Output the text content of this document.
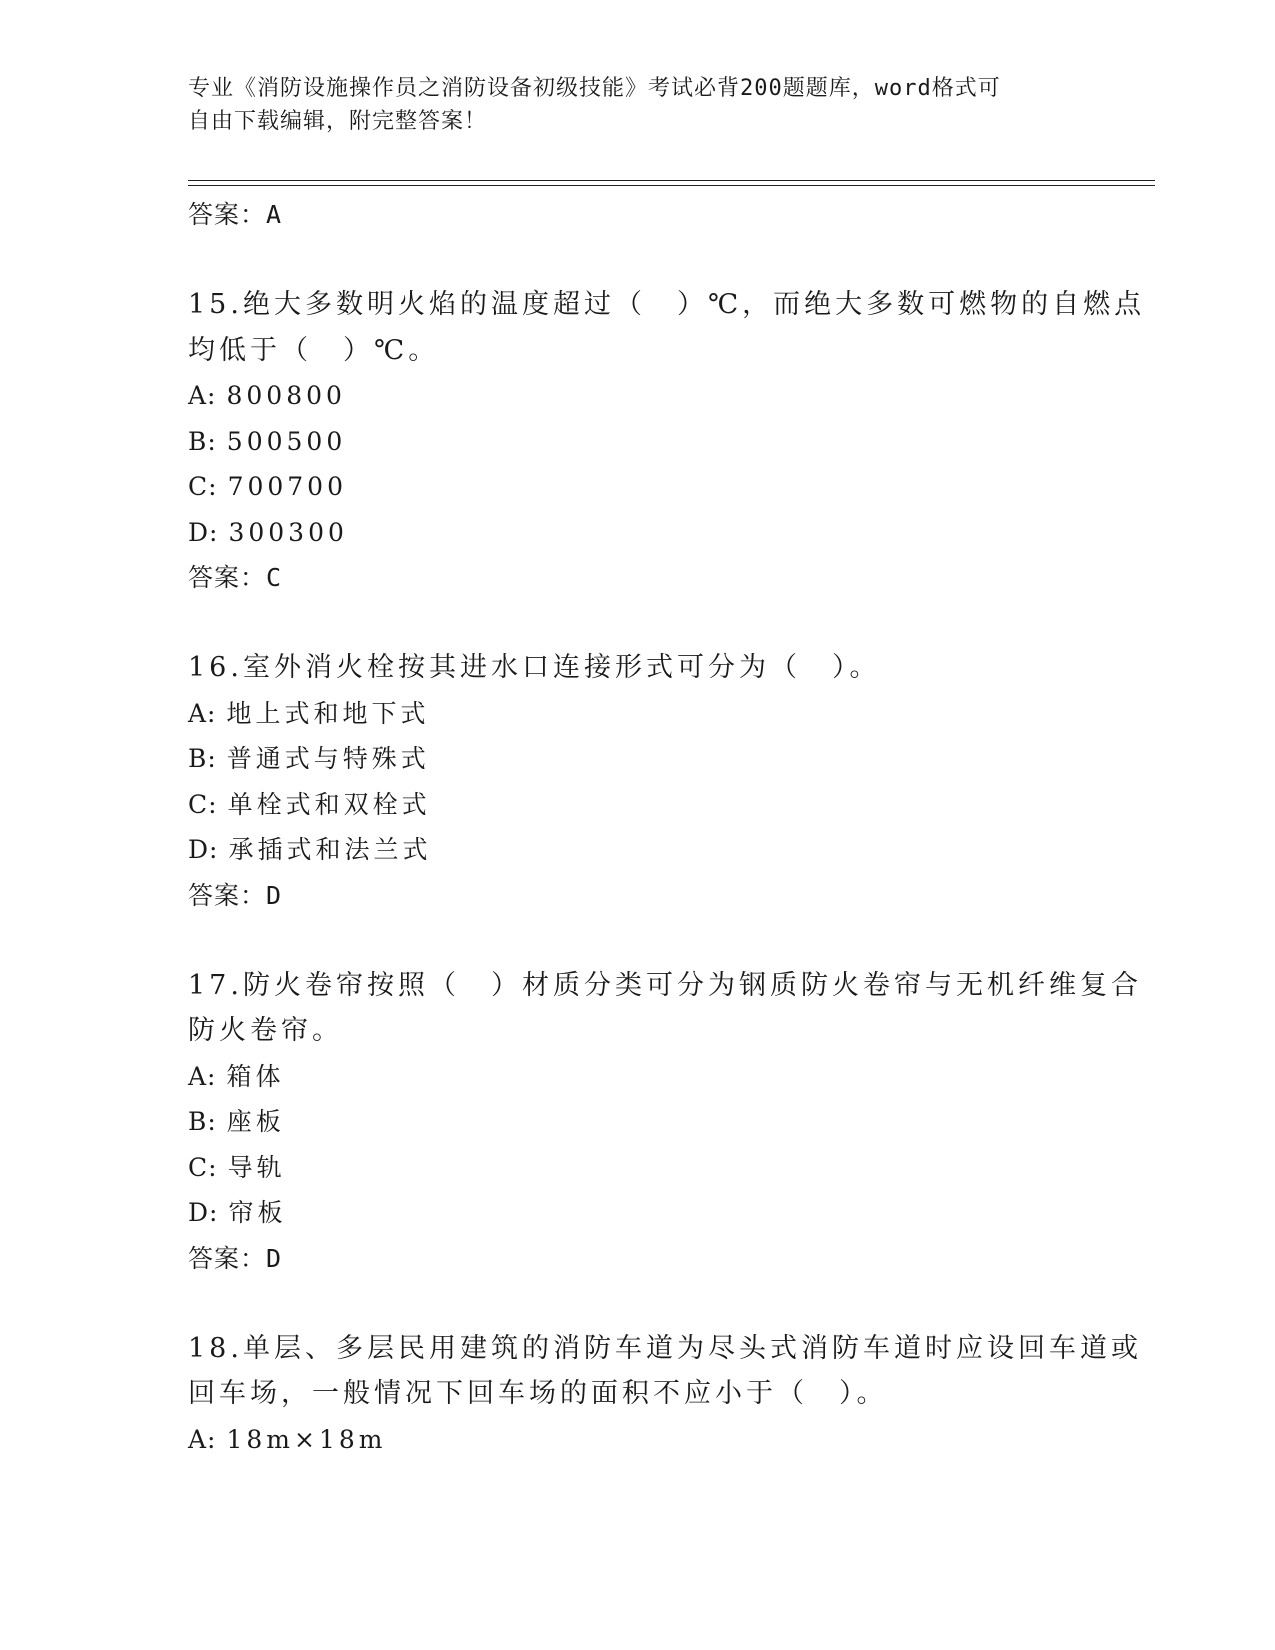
专业《消防设施操作员之消防设备初级技能》考试必背200题题库，word格式可
自由下载编辑，附完整答案！
答案：A
15.绝大多数明火焰的温度超过（　）℃，而绝大多数可燃物的自燃点
均低于（　）℃。
A: 800800
B: 500500
C: 700700
D: 300300
答案：C
16.室外消火栓按其进水口连接形式可分为（　）。
A: 地上式和地下式
B: 普通式与特殊式
C: 单栓式和双栓式
D: 承插式和法兰式
答案：D
17.防火卷帘按照（　）材质分类可分为钢质防火卷帘与无机纤维复合
防火卷帘。
A: 箱体
B: 座板
C: 导轨
D: 帘板
答案：D
18.单层、多层民用建筑的消防车道为尽头式消防车道时应设回车道或
回车场，一般情况下回车场的面积不应小于（　）。
A: 18m×18m
